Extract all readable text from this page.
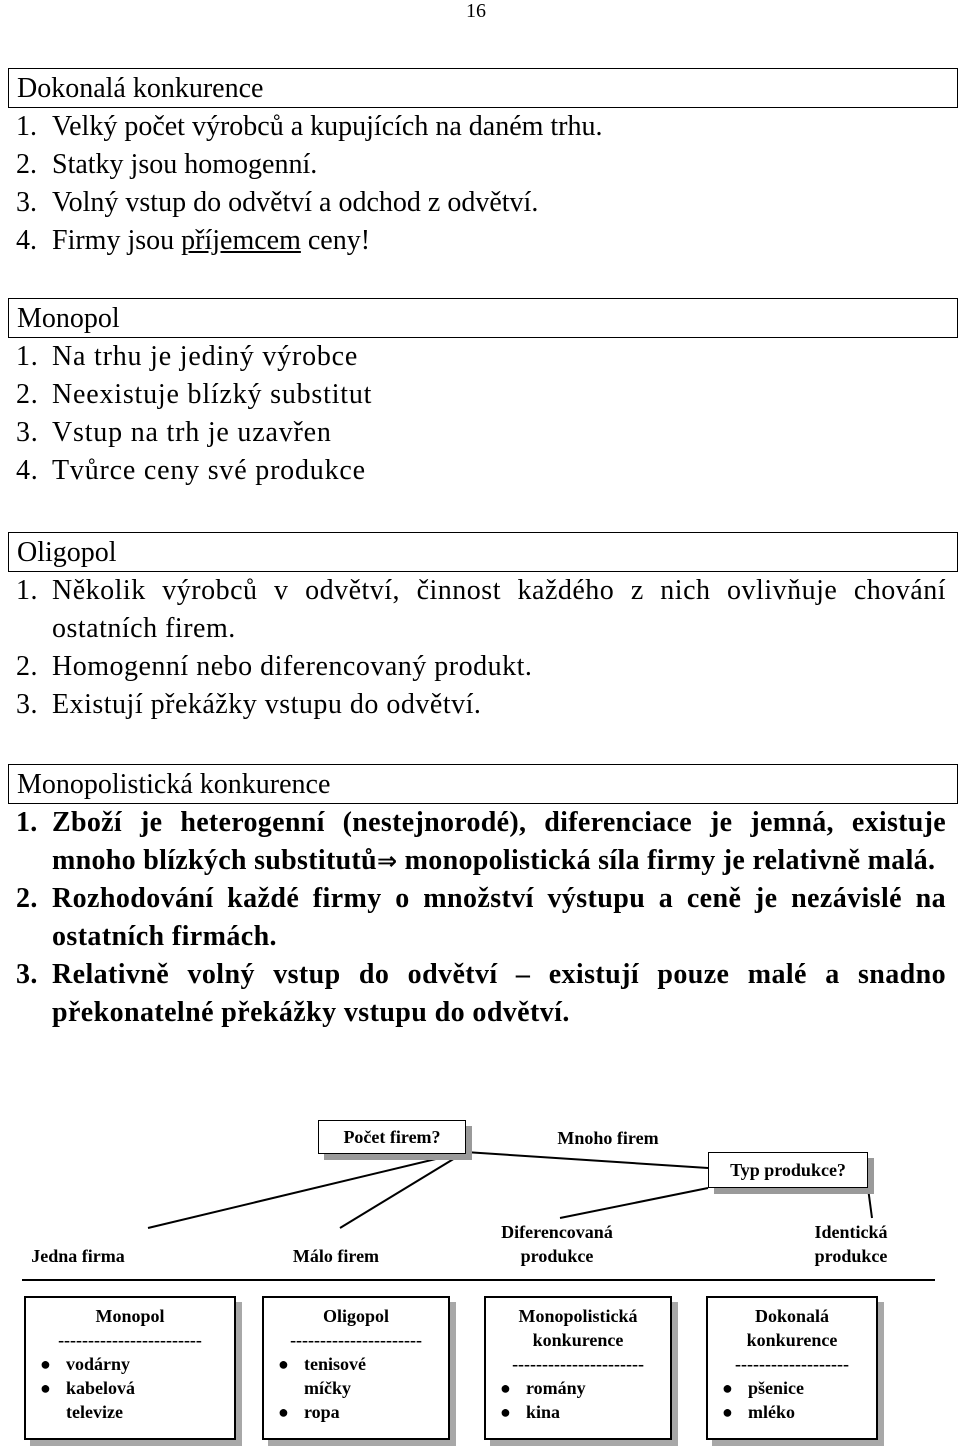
16
Dokonalá konkurence
1. Velký počet výrobců a kupujících na daném trhu.
2. Statky jsou homogenní.
3. Volný vstup do odvětví a odchod z odvětví.
4. Firmy jsou příjemcem ceny!
Monopol
1. Na trhu je jediný výrobce
2. Neexistuje blízký substitut
3. Vstup na trh je uzavřen
4. Tvůrce ceny své produkce
Oligopol
1. Několik výrobců v odvětví, činnost každého z nich ovlivňuje chování ostatních firem.
2. Homogenní nebo diferencovaný produkt.
3. Existují překážky vstupu do odvětví.
Monopolistická konkurence
1. Zboží je heterogenní (nestejnorodé), diferenciace je jemná, existuje mnoho blízkých substitutů⇒ monopolistická síla firmy je relativně malá.
2. Rozhodování každé firmy o množství výstupu a ceně je nezávislé na ostatních firmách.
3. Relativně volný vstup do odvětví – existují pouze malé a snadno překonatelné překážky vstupu do odvětví.
Počet firem?	Mnoho firem
Typ produkce?
Jedna firma	Málo firem
Diferencovaná produkce
Identická produkce
Monopol
------------------------
● vodárny
● kabelová televize
Oligopol
----------------------
● tenisové míčky
● ropa
Monopolistická konkurence
----------------------
● romány
● kina
Dokonalá konkurence
-------------------
● pšenice
● mléko
